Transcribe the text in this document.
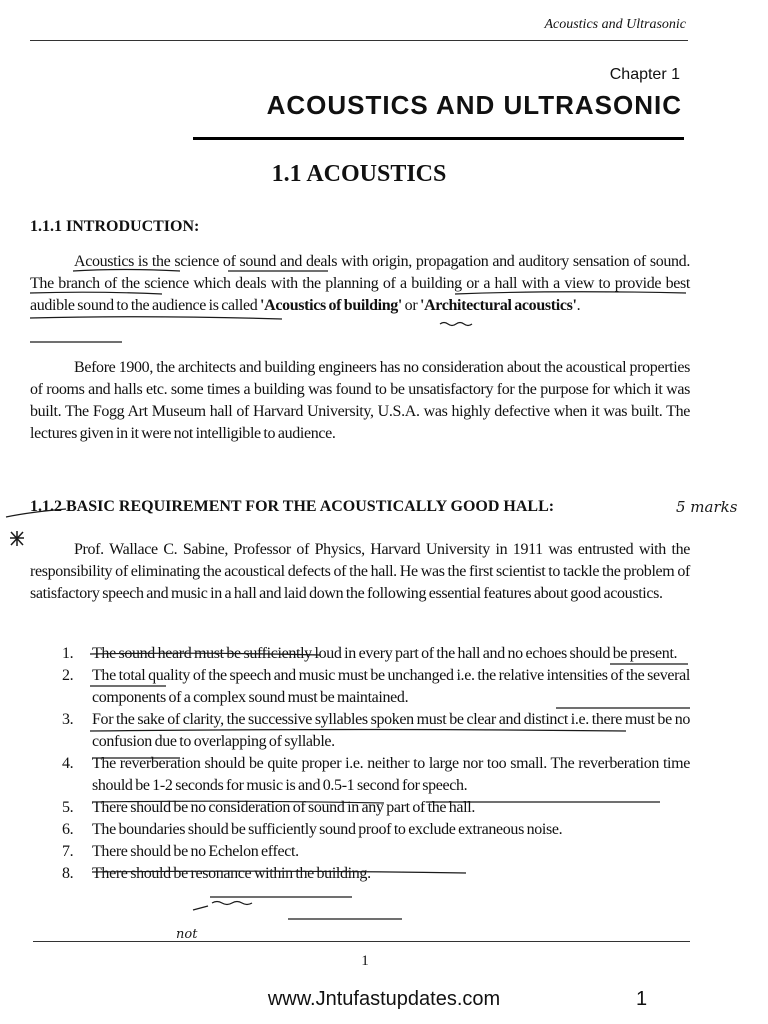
Acoustics and Ultrasonic
Chapter 1
ACOUSTICS AND ULTRASONIC
1.1 ACOUSTICS
1.1.1 INTRODUCTION:
Acoustics is the science of sound and deals with origin, propagation and auditory sensation of sound. The branch of the science which deals with the planning of a building or a hall with a view to provide best audible sound to the audience is called 'Acoustics of building' or 'Architectural acoustics'.
Before 1900, the architects and building engineers has no consideration about the acoustical properties of rooms and halls etc. some times a building was found to be unsatisfactory for the purpose for which it was built. The Fogg Art Museum hall of Harvard University, U.S.A. was highly defective when it was built. The lectures given in it were not intelligible to audience.
1.1.2 BASIC REQUIREMENT FOR THE ACOUSTICALLY GOOD HALL:
Prof. Wallace C. Sabine, Professor of Physics, Harvard University in 1911 was entrusted with the responsibility of eliminating the acoustical defects of the hall. He was the first scientist to tackle the problem of satisfactory speech and music in a hall and laid down the following essential features about good acoustics.
1. The sound heard must be sufficiently loud in every part of the hall and no echoes should be present.
2. The total quality of the speech and music must be unchanged i.e. the relative intensities of the several components of a complex sound must be maintained.
3. For the sake of clarity, the successive syllables spoken must be clear and distinct i.e. there must be no confusion due to overlapping of syllable.
4. The reverberation should be quite proper i.e. neither to large nor too small. The reverberation time should be 1-2 seconds for music is and 0.5-1 second for speech.
5. There should be no consideration of sound in any part of the hall.
6. The boundaries should be sufficiently sound proof to exclude extraneous noise.
7. There should be no Echelon effect.
8. There should be resonance within the building.
5 marks
not
1
www.Jntufastupdates.com	1
